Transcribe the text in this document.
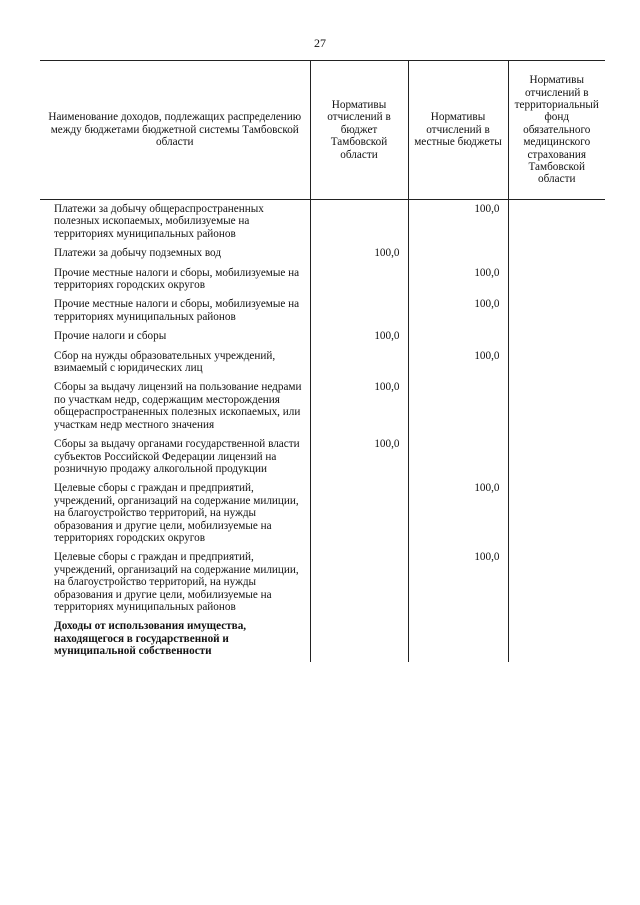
27
Наименование доходов, подлежащих распределению между бюджетами бюджетной системы Тамбовской области	Нормативы отчислений в бюджет Тамбовской области	Нормативы отчислений в местные бюджеты	Нормативы отчислений в территориальный фонд обязательного медицинского страхования Тамбовской области
Платежи за добычу общераспространенных полезных ископаемых, мобилизуемые на территориях муниципальных районов		100,0	
Платежи за добычу подземных вод	100,0		
Прочие местные налоги и сборы, мобилизуемые на территориях городских округов		100,0	
Прочие местные налоги и сборы, мобилизуемые на территориях муниципальных районов		100,0	
Прочие налоги и сборы	100,0		
Сбор на нужды образовательных учреждений, взимаемый с юридических лиц		100,0	
Сборы за выдачу лицензий на пользование недрами по участкам недр, содержащим месторождения общераспространенных полезных ископаемых, или участкам недр местного значения	100,0		
Сборы за выдачу органами государственной власти субъектов Российской Федерации лицензий на розничную продажу алкогольной продукции	100,0		
Целевые сборы с граждан и предприятий, учреждений, организаций на содержание милиции, на благоустройство территорий, на нужды образования и другие цели, мобилизуемые на территориях городских округов		100,0	
Целевые сборы с граждан и предприятий, учреждений, организаций на содержание милиции, на благоустройство территорий, на нужды образования и другие цели, мобилизуемые на территориях муниципальных районов		100,0	
Доходы от использования имущества, находящегося в государственной и муниципальной собственности			
